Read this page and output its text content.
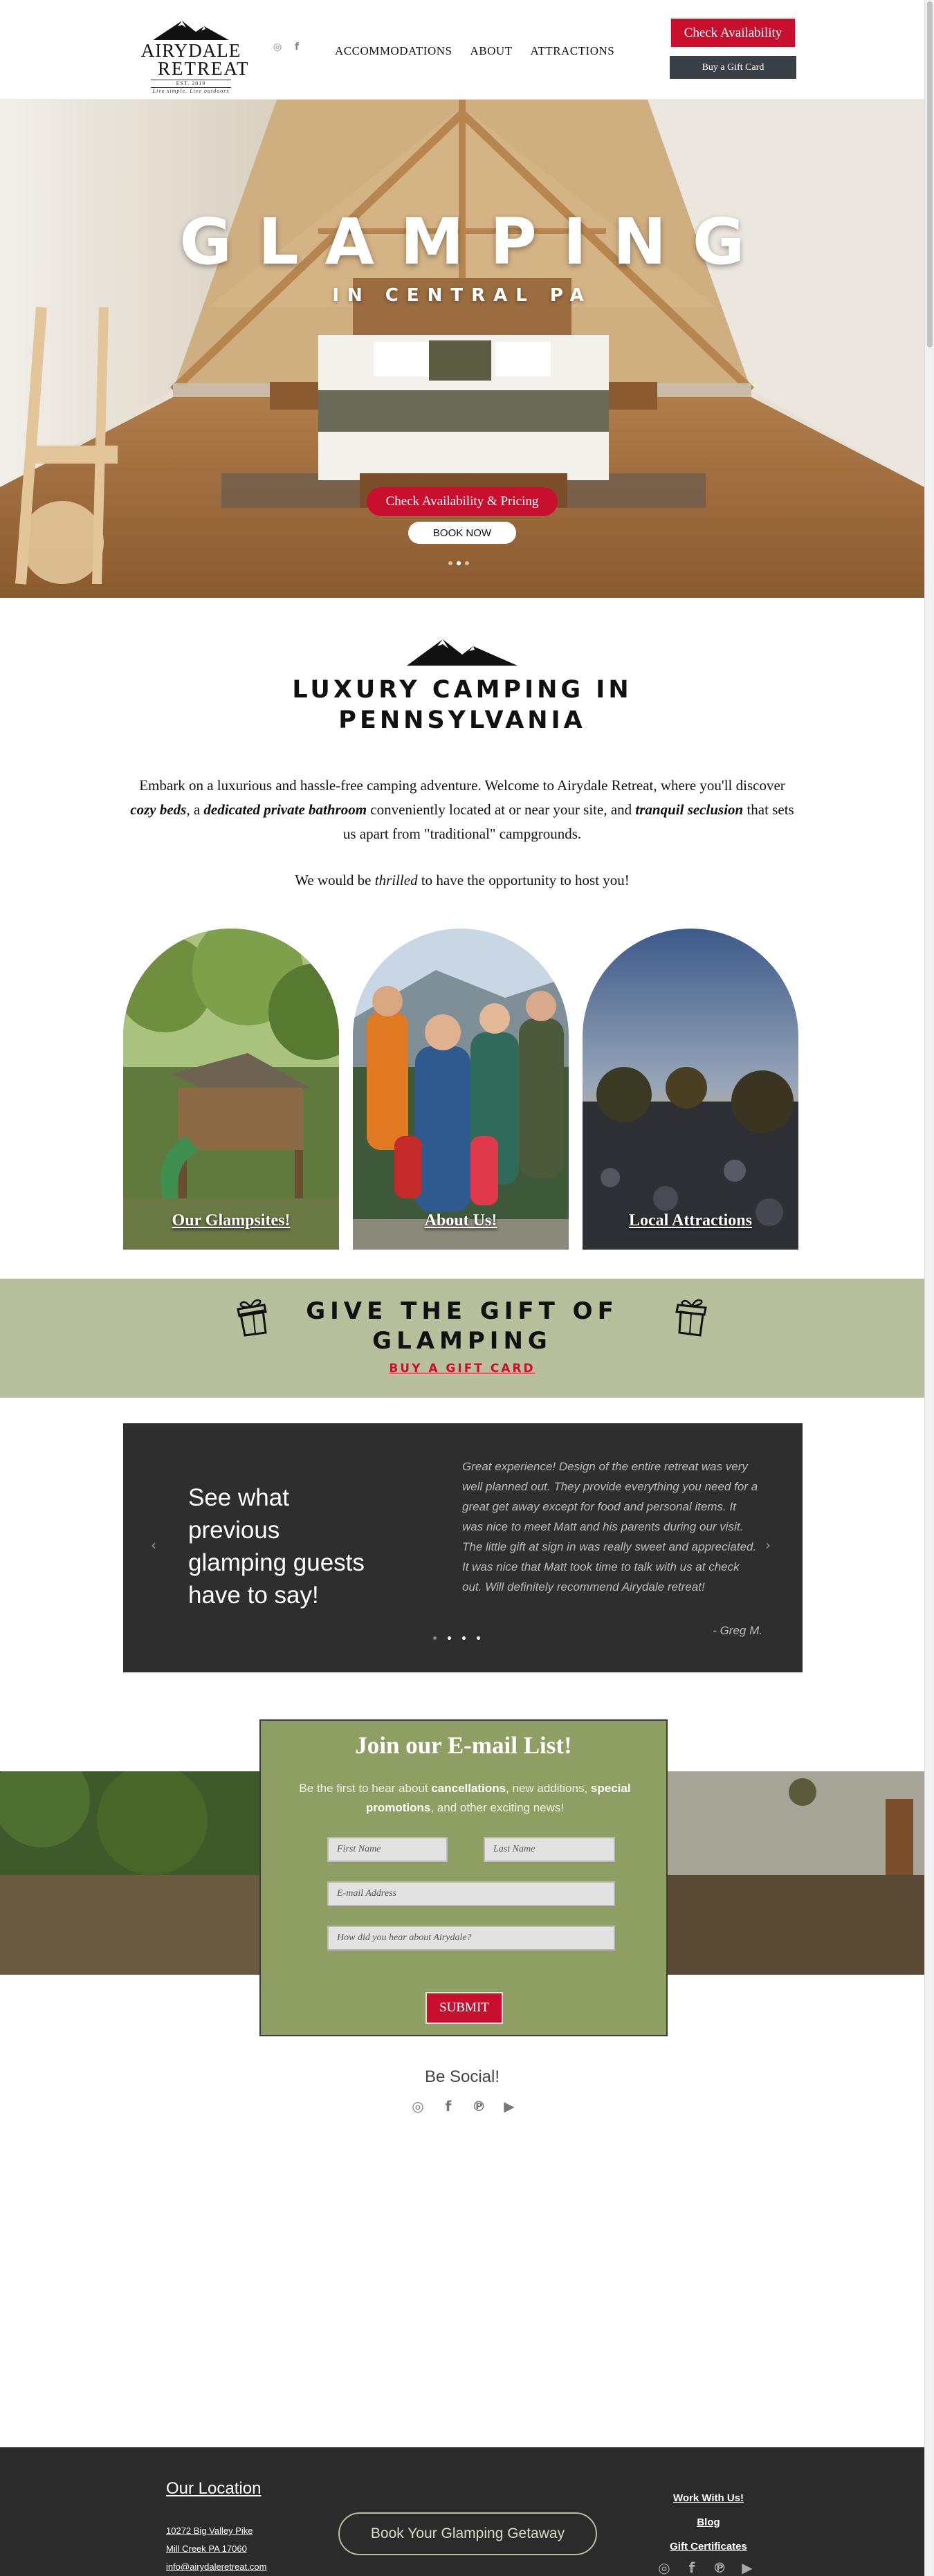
AIRYDALE
RETREAT
EST. 2019
Live simple. Live outdoors
◎	f	ACCOMMODATIONS ABOUT ATTRACTIONS
Check Availability
Buy a Gift Card
GLAMPING
IN CENTRAL PA
Check Availability & Pricing
BOOK NOW
LUXURY CAMPING IN
PENNSYLVANIA
Embark on a luxurious and hassle-free camping adventure. Welcome to Airydale Retreat, where you'll discover cozy beds, a dedicated private bathroom conveniently located at or near your site, and tranquil seclusion that sets us apart from "traditional" campgrounds.
We would be thrilled to have the opportunity to host you!
Our Glampsites!	About Us!	Local Attractions
GIVE THE GIFT OF
GLAMPING
BUY A GIFT CARD
‹
See what previous glamping guests have to say!
Great experience! Design of the entire retreat was very well planned out. They provide everything you need for a great get away except for food and personal items. It was nice to meet Matt and his parents during our visit. The little gift at sign in was really sweet and appreciated. It was nice that Matt took time to talk with us at check out. Will definitely recommend Airydale retreat!
- Greg M.
›
Join our E-mail List!
Be the first to hear about cancellations, new additions, special promotions, and other exciting news!
First Name	Last Name
E-mail Address
How did you hear about Airydale?
SUBMIT
Be Social!
◎	f	℗	▶
Our Location
10272 Big Valley Pike
Mill Creek PA 17060
info@airydaleretreat.com
Book Your Glamping Getaway
Work With Us!
Blog
Gift Certificates
◎	f	℗	▶
